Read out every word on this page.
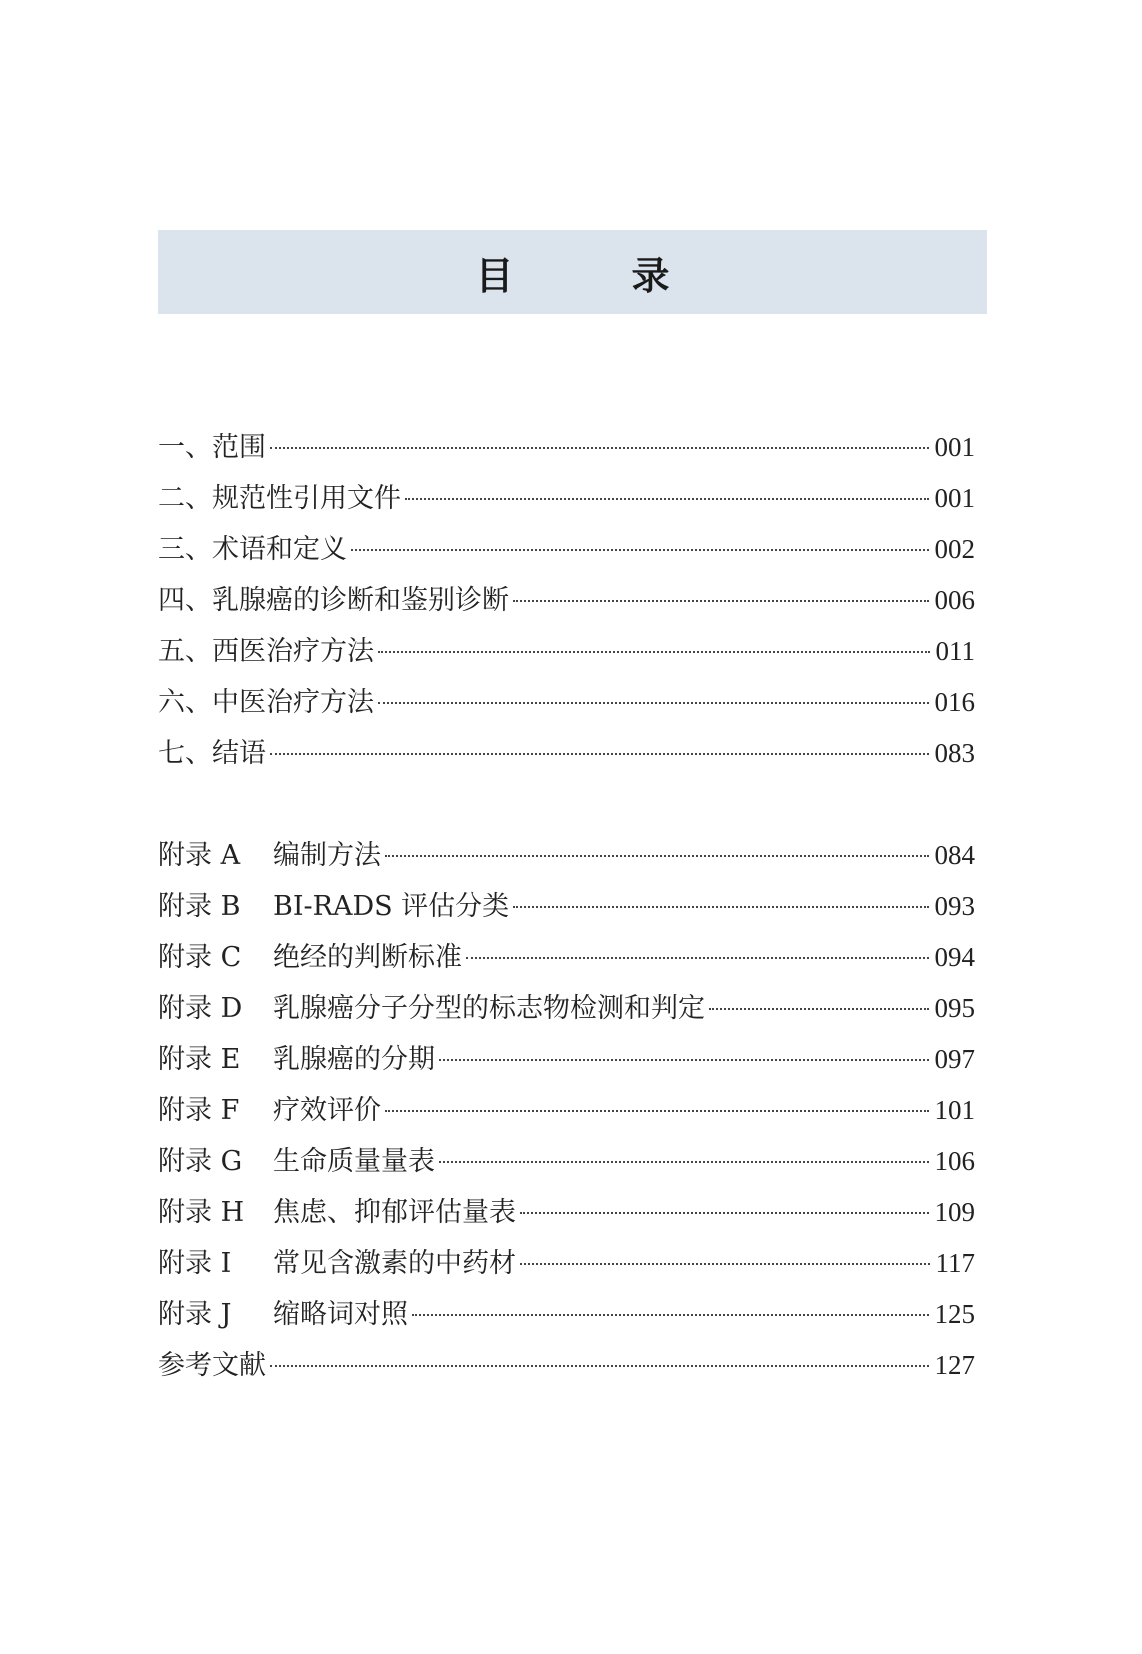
目　录
一、范围	001
二、规范性引用文件	001
三、术语和定义	002
四、乳腺癌的诊断和鉴别诊断	006
五、西医治疗方法	011
六、中医治疗方法	016
七、结语	083
附录 A	编制方法	084
附录 B	BI-RADS 评估分类	093
附录 C	绝经的判断标准	094
附录 D	乳腺癌分子分型的标志物检测和判定	095
附录 E	乳腺癌的分期	097
附录 F	疗效评价	101
附录 G	生命质量量表	106
附录 H	焦虑、抑郁评估量表	109
附录 I	常见含激素的中药材	117
附录 J	缩略词对照	125
参考文献	127
